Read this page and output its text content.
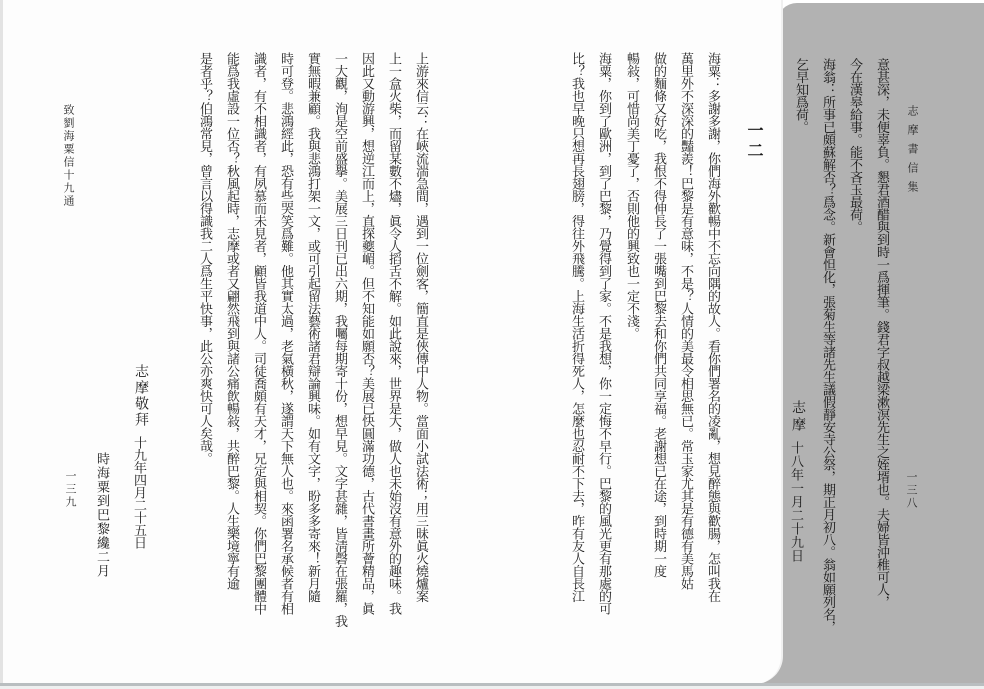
志摩書信集
意甚深，未便辜負。懇君酒醋與到時一爲揮筆。錢君字叔越梁漱溟先生之姪壻也。夫婦皆沖稚可人，
今在漢皋給事。能不吝玉最荷。
海翁：所事已頗蘇解否？爲念。新會怛化，張菊生等諸先生議假靜安寺公祭，期正月初八。翁如願列名，
乞早知爲荷。
志摩
十八年一月二十九日	一三八
一二
海粟：多謝多謝，你們海外歡暢中不忘向隅的故人。看你們署名的凌亂，想見醉態與歡腸，怎叫我在
萬里外不深深的豔羨！巴黎是有意味，不是？人情的美最令相思無已。常玉家尤其是有德有美馬姑
做的麵條又好吃，我恨不得伸長了一張嘴到巴黎去和你們共同享福。老謝想已在途，到時期一度
暢敍，可惜尚美丁憂了，否則他的興致也一定不淺。
海粟，你到了歐洲，到了巴黎，乃覺得到了家。不是我想，你一定悔不早行。巴黎的風光更有那處的可
比？我也早晚只想再長翅膀，得往外飛騰。上海生活折得死人，怎麼也忍耐不下去，昨有友人自長江
上游來信云：在峽流湍急間，遇到一位劍客，簡直是俠傳中人物。當面小試法術；用三昧眞火燒爐案
上一盒火柴，而留某數不燼，眞令人搯舌不解。如此說來，世界是大，做人也未始沒有意外的趣味。我
因此又動游興，想逆江而上，直探夔嵋。但不知能如願否？美展已快圓滿功德，古代書畫所薈精品，眞
一大觀，洵是空前盛擧。美展三日刊已出六期，我囑每期寄十份，想早見。文字甚雜，皆淸磬在張羅，我
實無暇兼顧。我與悲鴻打架一文，或可引起留法藝術諸君辯論興味。如有文字，盼多多寄來！新月隨
時可登。悲鴻經此，恐有些哭笑爲難。他其實太過，老氣橫秋，遂謂天下無人也。來函署名承候者有相
識者，有不相識者，有夙慕而未見者，顧皆我道中人。司徒喬頗有天才，兄定與相契。你們巴黎團體中
能爲我虛設一位否？秋風起時，志摩或者又翩然飛到與諸公痛飲暢敍，共醉巴黎。人生樂境寧有逾
是者乎？伯鴻常見，曾言以得識我二人爲生平快事，此公亦爽快可人矣哉。
志摩敬拜
十九年四月二十五日
時海粟到巴黎纔二月
致劉海粟信十九通
一三九
